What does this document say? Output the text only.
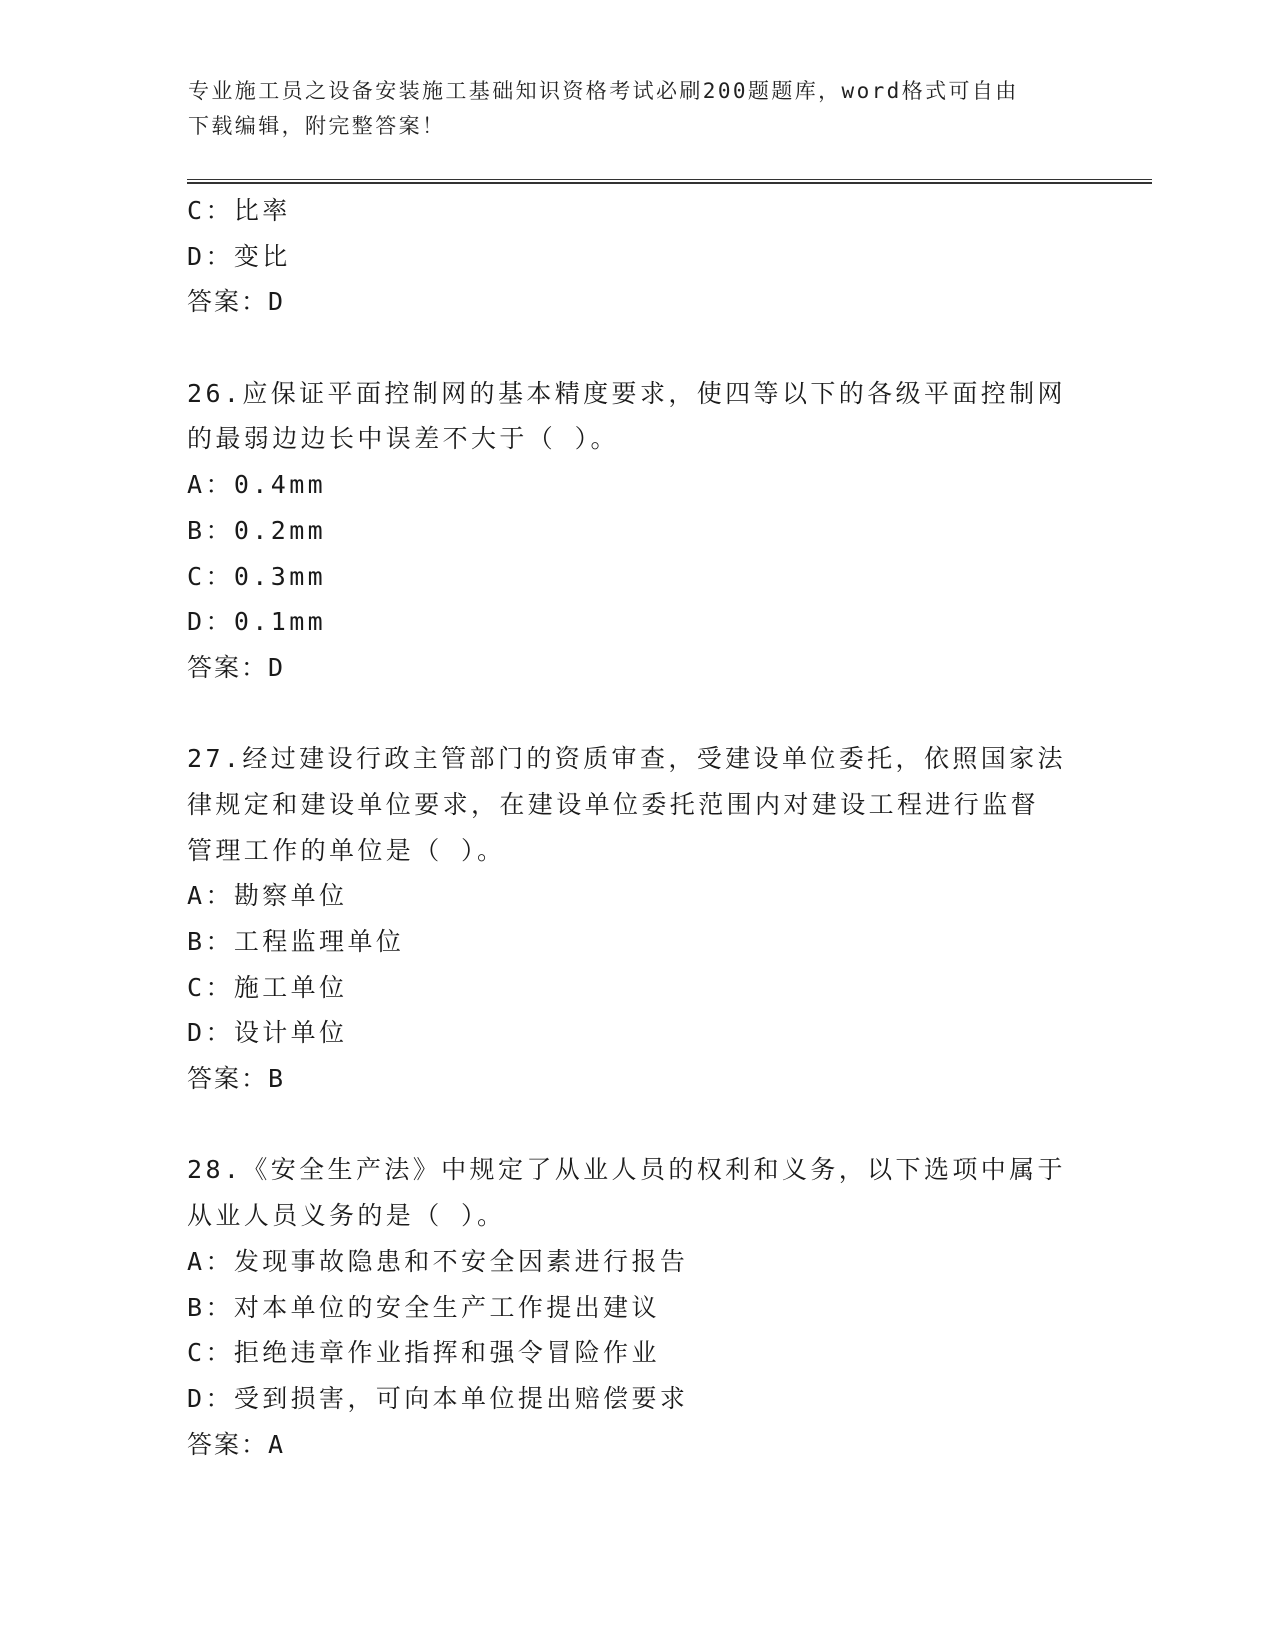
专业施工员之设备安装施工基础知识资格考试必刷200题题库，word格式可自由
下载编辑，附完整答案！
C：比率
D：变比
答案：D
26.应保证平面控制网的基本精度要求，使四等以下的各级平面控制网
的最弱边边长中误差不大于（ ）。
A：0.4mm
B：0.2mm
C：0.3mm
D：0.1mm
答案：D
27.经过建设行政主管部门的资质审查，受建设单位委托，依照国家法
律规定和建设单位要求，在建设单位委托范围内对建设工程进行监督
管理工作的单位是（ ）。
A：勘察单位
B：工程监理单位
C：施工单位
D：设计单位
答案：B
28.《安全生产法》中规定了从业人员的权利和义务，以下选项中属于
从业人员义务的是（ ）。
A：发现事故隐患和不安全因素进行报告
B：对本单位的安全生产工作提出建议
C：拒绝违章作业指挥和强令冒险作业
D：受到损害，可向本单位提出赔偿要求
答案：A
